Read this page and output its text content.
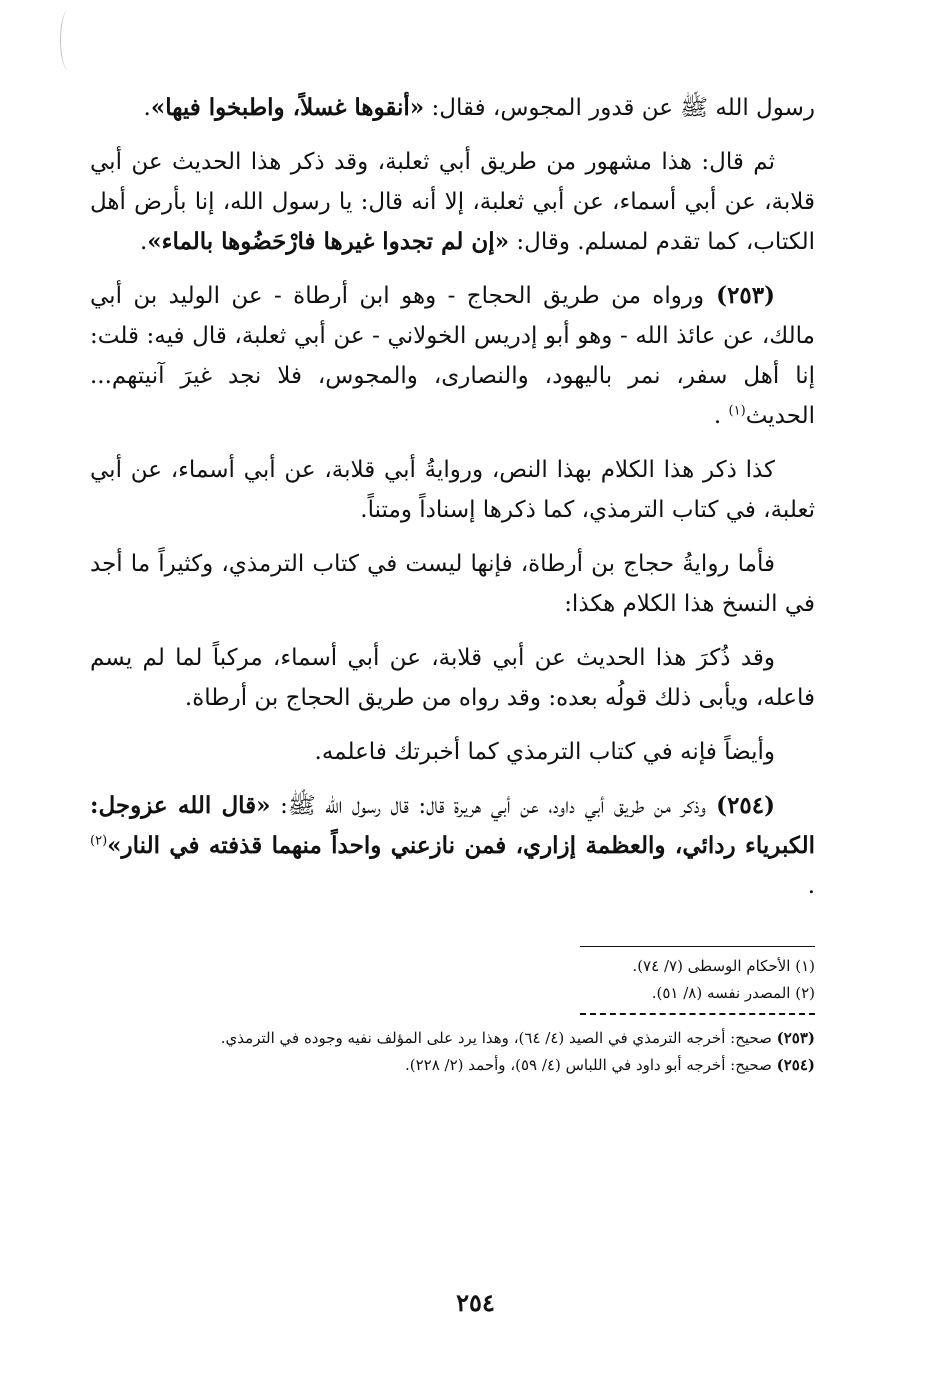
رسول الله ﷺ عن قدور المجوس، فقال: «أنقوها غسلاً، واطبخوا فيها».

ثم قال: هذا مشهور من طريق أبي ثعلبة، وقد ذكر هذا الحديث عن أبي قلابة، عن أبي أسماء، عن أبي ثعلبة، إلا أنه قال: يا رسول الله، إنا بأرض أهل الكتاب، كما تقدم لمسلم. وقال: «إن لم تجدوا غيرها فارْحَضُوها بالماء».

(٢٥٣) ورواه من طريق الحجاج - وهو ابن أرطاة - عن الوليد بن أبي مالك، عن عائذ الله - وهو أبو إدريس الخولاني - عن أبي ثعلبة، قال فيه: قلت: إنا أهل سفر، نمر باليهود، والنصارى، والمجوس، فلا نجد غيرَ آنيتهم... الحديث$^{(١)}$ .

كذا ذكر هذا الكلام بهذا النص، وروايةُ أبي قلابة، عن أبي أسماء، عن أبي ثعلبة، في كتاب الترمذي، كما ذكرها إسناداً ومتناً.

فأما روايةُ حجاج بن أرطاة، فإنها ليست في كتاب الترمذي، وكثيراً ما أجد في النسخ هذا الكلام هكذا:

وقد ذُكرَ هذا الحديث عن أبي قلابة، عن أبي أسماء، مركباً لما لم يسم فاعله، ويأبى ذلك قولُه بعده: وقد رواه من طريق الحجاج بن أرطاة.

وأيضاً فإنه في كتاب الترمذي كما أخبرتك فاعلمه.

(٢٥٤) وذكر من طريق أبي داود، عن أبي هريرة قال: قال رسول الله ﷺ: «قال الله عزوجل: الكبرياء ردائي، والعظمة إزاري، فمن نازعني واحداً منهما قذفته في النار»$^{(٢)}$ .

(١) الأحكام الوسطى (٧/ ٧٤).
(٢) المصدر نفسه (٨/ ٥١).
(٢٥٣) صحيح: أخرجه الترمذي في الصيد (٤/ ٦٤)، وهذا يرد على المؤلف نفيه وجوده في الترمذي.
(٢٥٤) صحيح: أخرجه أبو داود في اللباس (٤/ ٥٩)، وأحمد (٢/ ٢٢٨).
٢٥٤
